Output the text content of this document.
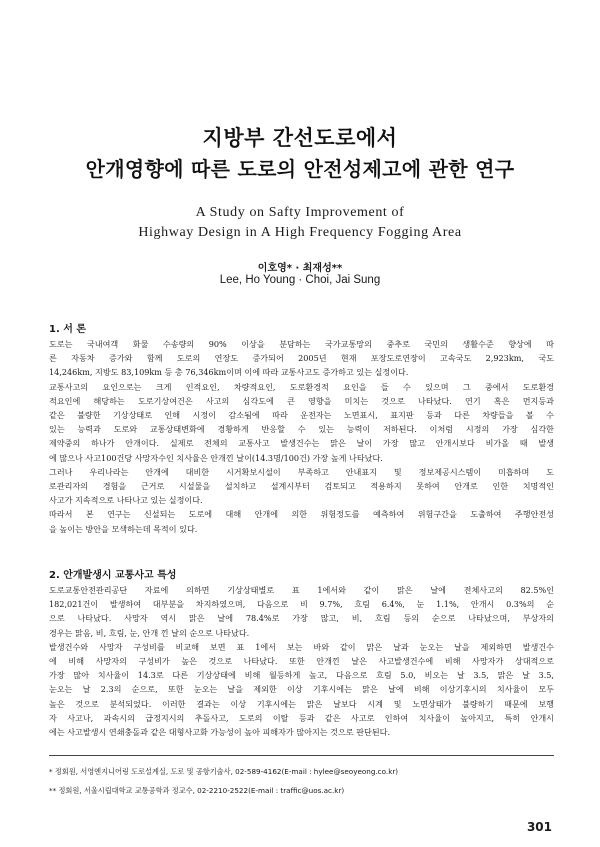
지방부 간선도로에서
안개영향에 따른 도로의 안전성제고에 관한 연구
A Study on Safty Improvement of
Highway Design in A High Frequency Fogging Area
이호영* · 최재성**
Lee, Ho Young · Choi, Jai Sung
1. 서 론
도로는 국내여객 화물 수송량의 90% 이상을 분담하는 국가교통망의 중추로 국민의 생활수준 향상에 따
른 자동차 증가와 함께 도로의 연장도 증가되어 2005년 현재 포장도로연장이 고속국도 2,923km, 국도
14,246km, 지방도 83,109km 등 총 76,346km이며 이에 따라 교통사고도 증가하고 있는 실정이다.
교통사고의 요인으로는 크게 인적요인, 차량적요인, 도로환경적 요인을 들 수 있으며 그 중에서 도로환경
적요인에 해당하는 도로기상여건은 사고의 심각도에 큰 영향을 미치는 것으로 나타났다. 연기 혹은 먼지등과
같은 불량한 기상상태로 인해 시정이 감소됨에 따라 운전자는 노면표시, 표지판 등과 다른 차량들을 볼 수
있는 능력과 도로와 교통상태변화에 경황하게 반응할 수 있는 능력이 저하된다. 이처럼 시정의 가장 심각한
제약중의 하나가 안개이다. 실제로 전체의 교통사고 발생건수는 맑은 날이 가장 많고 안개시보다 비가올 때 발생
에 많으나 사고100건당 사망자수인 치사율은 안개낀 날이(14.3명/100건) 가장 높게 나타났다.
그러나 우리나라는 안개에 대비한 시거확보시설이 부족하고 안내표지 및 정보제공시스템이 미흡하며 도
로관리자의 경험을 근거로 시설물을 설치하고 설계시부터 검토되고 적용하지 못하여 안개로 인한 치명적인
사고가 지속적으로 나타나고 있는 실정이다.
따라서 본 연구는 신설되는 도로에 대해 안개에 의한 위험정도를 예측하여 위험구간을 도출하여 주행안전성
을 높이는 방안을 모색하는데 목적이 있다.
2. 안개발생시 교통사고 특성
도로교통안전관리공단 자료에 의하면 기상상태별로 표 1에서와 같이 맑은 날에 전체사고의 82.5%인
182,021건이 발생하여 대부분을 차지하였으며, 다음으로 비 9.7%, 흐림 6.4%, 눈 1.1%, 안개시 0.3%의 순
으로 나타났다. 사망자 역시 맑은 날에 78.4%로 가장 많고, 비, 흐림 등의 순으로 나타났으며, 부상자의
경우는 맑음, 비, 흐림, 눈, 안개 낀 날의 순으로 나타났다.
발생건수와 사망자 구성비를 비교해 보면 표 1에서 보는 바와 같이 맑은 날과 눈오는 날을 제외하면 발생건수
에 비해 사망자의 구성비가 높은 것으로 나타났다. 또한 안개낀 날은 사고발생건수에 비해 사망자가 상대적으로
가장 많아 치사율이 14.3로 다른 기상상태에 비해 월등하게 높고, 다음으로 흐림 5.0, 비오는 날 3.5, 맑은 날 3.5,
눈오는 날 2.3의 순으로, 또한 눈오는 날을 제외한 이상 기후시에는 맑은 날에 비해 이상기후시의 치사율이 모두
높은 것으로 분석되었다. 이러한 결과는 이상 기후시에는 맑은 날보다 시계 및 노면상태가 불량하기 때문에 보행
자 사고나, 과속시의 급정지시의 추돌사고, 도로의 이탈 등과 같은 사고로 인하여 치사율이 높아지고, 특히 안개시
에는 사고발생시 연쇄충돌과 같은 대형사고화 가능성이 높아 피해자가 많아지는 것으로 판단된다.
* 정회원, 서영엔지니어링 도로설계실, 도로 및 공항기술사, 02-589-4162(E-mail : hylee@seoyeong.co.kr)
** 정회원, 서울시립대학교 교통공학과 정교수, 02-2210-2522(E-mail : traffic@uos.ac.kr)
301
